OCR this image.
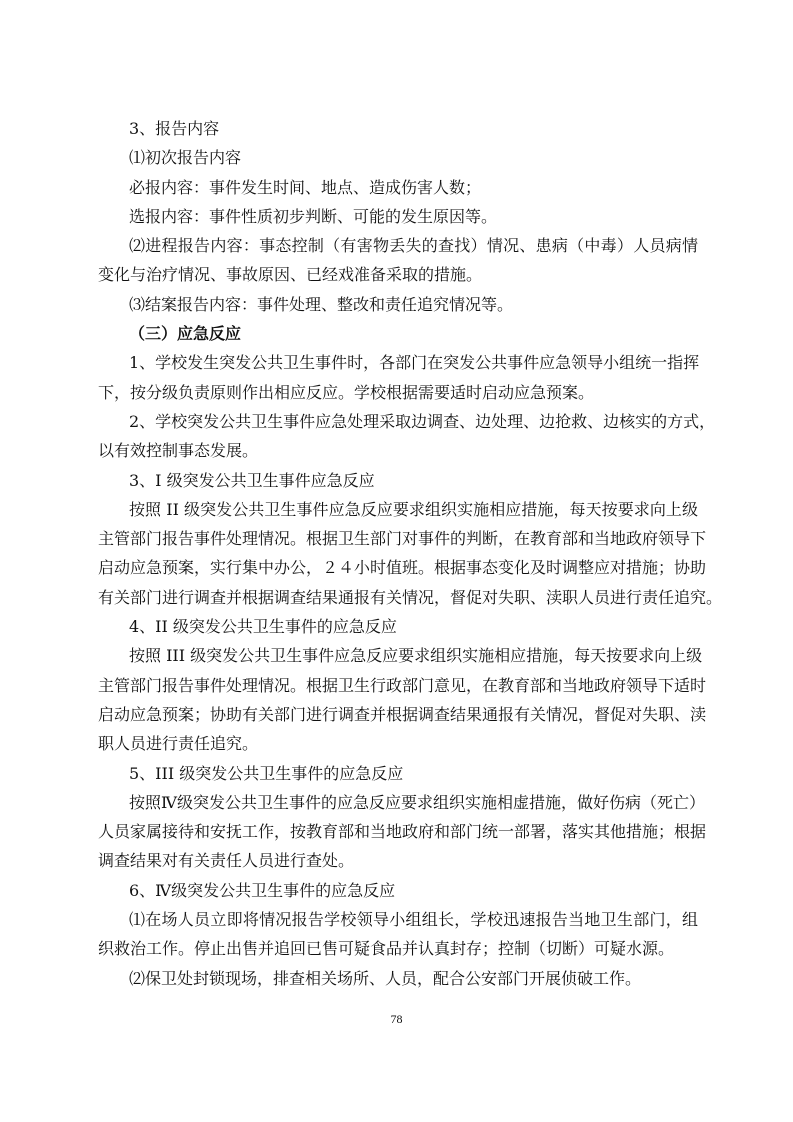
3、报告内容

⑴初次报告内容

必报内容：事件发生时间、地点、造成伤害人数；

选报内容：事件性质初步判断、可能的发生原因等。

⑵进程报告内容：事态控制（有害物丢失的查找）情况、患病（中毒）人员病情

变化与治疗情况、事故原因、已经戏准备采取的措施。

⑶结案报告内容：事件处理、整改和责任追究情况等。

（三）应急反应

1、学校发生突发公共卫生事件时，各部门在突发公共事件应急领导小组统一指挥

下，按分级负责原则作出相应反应。学校根据需要适时启动应急预案。

2、学校突发公共卫生事件应急处理采取边调查、边处理、边抢救、边核实的方式，

以有效控制事态发展。

3、I 级突发公共卫生事件应急反应

按照 II 级突发公共卫生事件应急反应要求组织实施相应措施，每天按要求向上级

主管部门报告事件处理情况。根据卫生部门对事件的判断，在教育部和当地政府领导下

启动应急预案，实行集中办公，２４小时值班。根据事态变化及时调整应对措施；协助

有关部门进行调查并根据调查结果通报有关情况，督促对失职、渎职人员进行责任追究。

4、II 级突发公共卫生事件的应急反应

按照 III 级突发公共卫生事件应急反应要求组织实施相应措施，每天按要求向上级

主管部门报告事件处理情况。根据卫生行政部门意见，在教育部和当地政府领导下适时

启动应急预案；协助有关部门进行调查并根据调查结果通报有关情况，督促对失职、渎

职人员进行责任追究。

5、III 级突发公共卫生事件的应急反应

按照Ⅳ级突发公共卫生事件的应急反应要求组织实施相虚措施，做好伤病（死亡）

人员家属接待和安抚工作，按教育部和当地政府和部门统一部署，落实其他措施；根据

调查结果对有关责任人员进行查处。

6、Ⅳ级突发公共卫生事件的应急反应

⑴在场人员立即将情况报告学校领导小组组长，学校迅速报告当地卫生部门，组

织救治工作。停止出售并追回已售可疑食品并认真封存；控制（切断）可疑水源。

⑵保卫处封锁现场，排查相关场所、人员，配合公安部门开展侦破工作。

78
